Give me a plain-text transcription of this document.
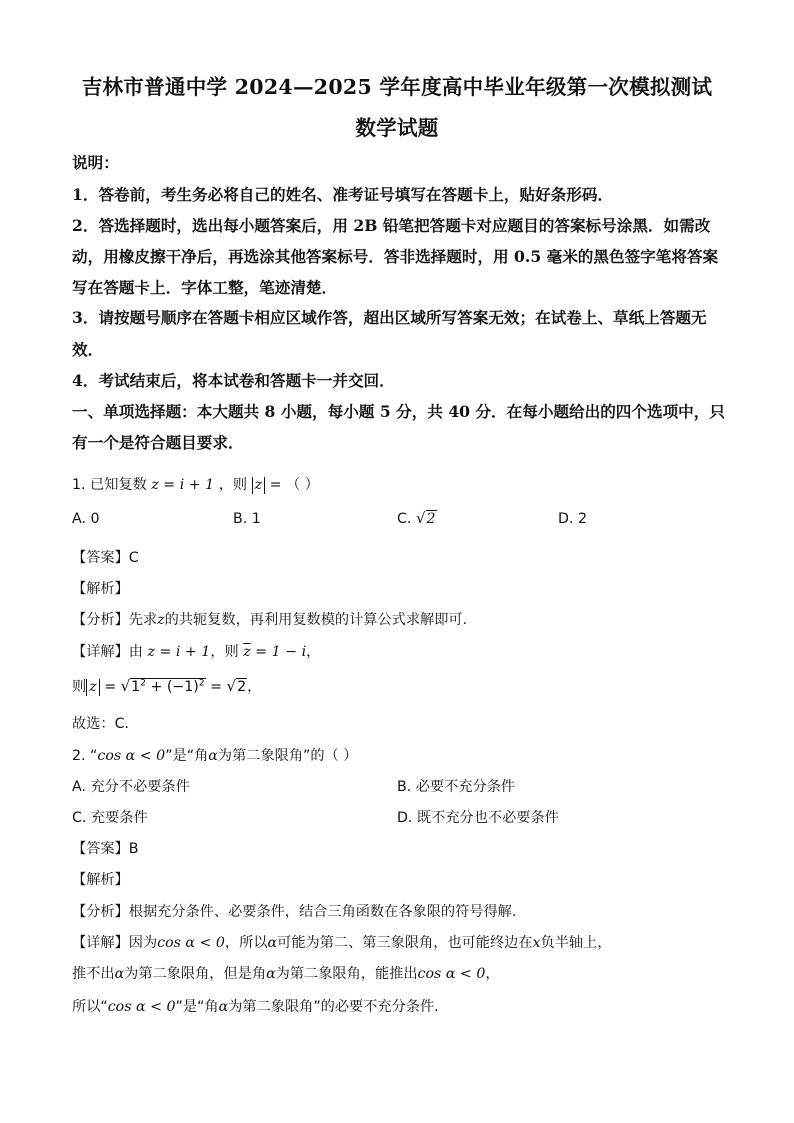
吉林市普通中学 2024—2025 学年度高中毕业年级第一次模拟测试
数学试题
说明：
1．答卷前，考生务必将自己的姓名、准考证号填写在答题卡上，贴好条形码．
2．答选择题时，选出每小题答案后，用 2B 铅笔把答题卡对应题目的答案标号涂黑．如需改
动，用橡皮擦干净后，再选涂其他答案标号．答非选择题时，用 0.5 毫米的黑色签字笔将答案
写在答题卡上．字体工整，笔迹清楚．
3．请按题号顺序在答题卡相应区域作答，超出区域所写答案无效；在试卷上、草纸上答题无
效．
4．考试结束后，将本试卷和答题卡一并交回．
一、单项选择题：本大题共 8 小题，每小题 5 分，共 40 分．在每小题给出的四个选项中，只
有一个是符合题目要求．
1. 已知复数 z = i + 1 ，则 z = （ ）
A. 0	B. 1	C. √2	D. 2
【答案】C
【解析】
【分析】先求z的共轭复数，再利用复数模的计算公式求解即可.
【详解】由 z = i + 1，则 $\overline{z} = 1 - i$，
则 $z = √1^2 + (-1)^2 = √2$，
故选：C.
2. “cos α < 0”是“角α为第二象限角”的（ ）
A. 充分不必要条件	B. 必要不充分条件
C. 充要条件	D. 既不充分也不必要条件
【答案】B
【解析】
【分析】根据充分条件、必要条件，结合三角函数在各象限的符号得解.
【详解】因为cos α < 0，所以α可能为第二、第三象限角，也可能终边在x负半轴上，
推不出α为第二象限角，但是角α为第二象限角，能推出cos α < 0，
所以“cos α < 0”是“角α为第二象限角”的必要不充分条件.
